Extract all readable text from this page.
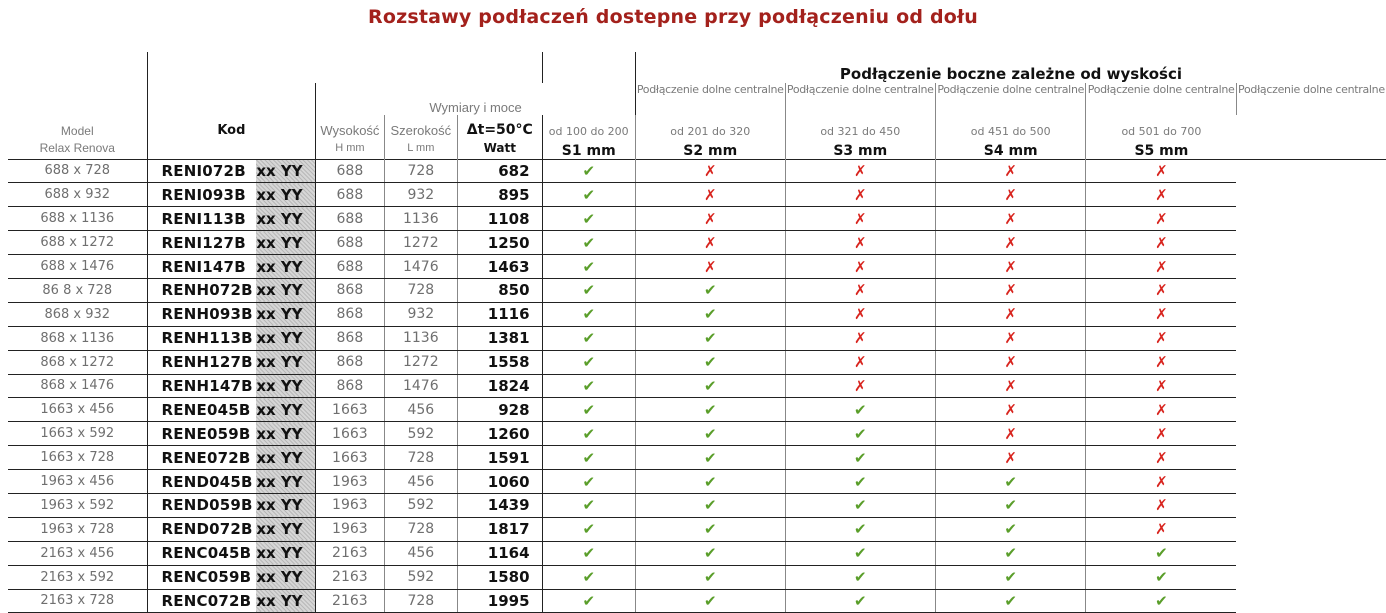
Rozstawy podłaczeń dostepne przy podłączeniu od dołu
							Podłączenie boczne zależne od wyskości				
			Wymiary i moce				Podłączenie dolne centralne	Podłączenie dolne centralne	Podłączenie dolne centralne	Podłączenie dolne centralne	Podłączenie dolne centralne
Model	Kod		Wysokość	Szerokość	Δt=50°C	od 100 do 200	od 201 do 320	od 321 do 450	od 451 do 500	od 501 do 700	
Relax Renova			H mm	L mm	Watt	S1 mm	S2 mm	S3 mm	S4 mm	S5 mm	
688 x 728	RENI072B	xx YY	688	728	682	✔	✗	✗	✗	✗	
688 x 932	RENI093B	xx YY	688	932	895	✔	✗	✗	✗	✗	
688 x 1136	RENI113B	xx YY	688	1136	1108	✔	✗	✗	✗	✗	
688 x 1272	RENI127B	xx YY	688	1272	1250	✔	✗	✗	✗	✗	
688 x 1476	RENI147B	xx YY	688	1476	1463	✔	✗	✗	✗	✗	
86 8 x 728	RENH072B	xx YY	868	728	850	✔	✔	✗	✗	✗	
868 x 932	RENH093B	xx YY	868	932	1116	✔	✔	✗	✗	✗	
868 x 1136	RENH113B	xx YY	868	1136	1381	✔	✔	✗	✗	✗	
868 x 1272	RENH127B	xx YY	868	1272	1558	✔	✔	✗	✗	✗	
868 x 1476	RENH147B	xx YY	868	1476	1824	✔	✔	✗	✗	✗	
1663 x 456	RENE045B	xx YY	1663	456	928	✔	✔	✔	✗	✗	
1663 x 592	RENE059B	xx YY	1663	592	1260	✔	✔	✔	✗	✗	
1663 x 728	RENE072B	xx YY	1663	728	1591	✔	✔	✔	✗	✗	
1963 x 456	REND045B	xx YY	1963	456	1060	✔	✔	✔	✔	✗	
1963 x 592	REND059B	xx YY	1963	592	1439	✔	✔	✔	✔	✗	
1963 x 728	REND072B	xx YY	1963	728	1817	✔	✔	✔	✔	✗	
2163 x 456	RENC045B	xx YY	2163	456	1164	✔	✔	✔	✔	✔	
2163 x 592	RENC059B	xx YY	2163	592	1580	✔	✔	✔	✔	✔	
2163 x 728	RENC072B	xx YY	2163	728	1995	✔	✔	✔	✔	✔	
